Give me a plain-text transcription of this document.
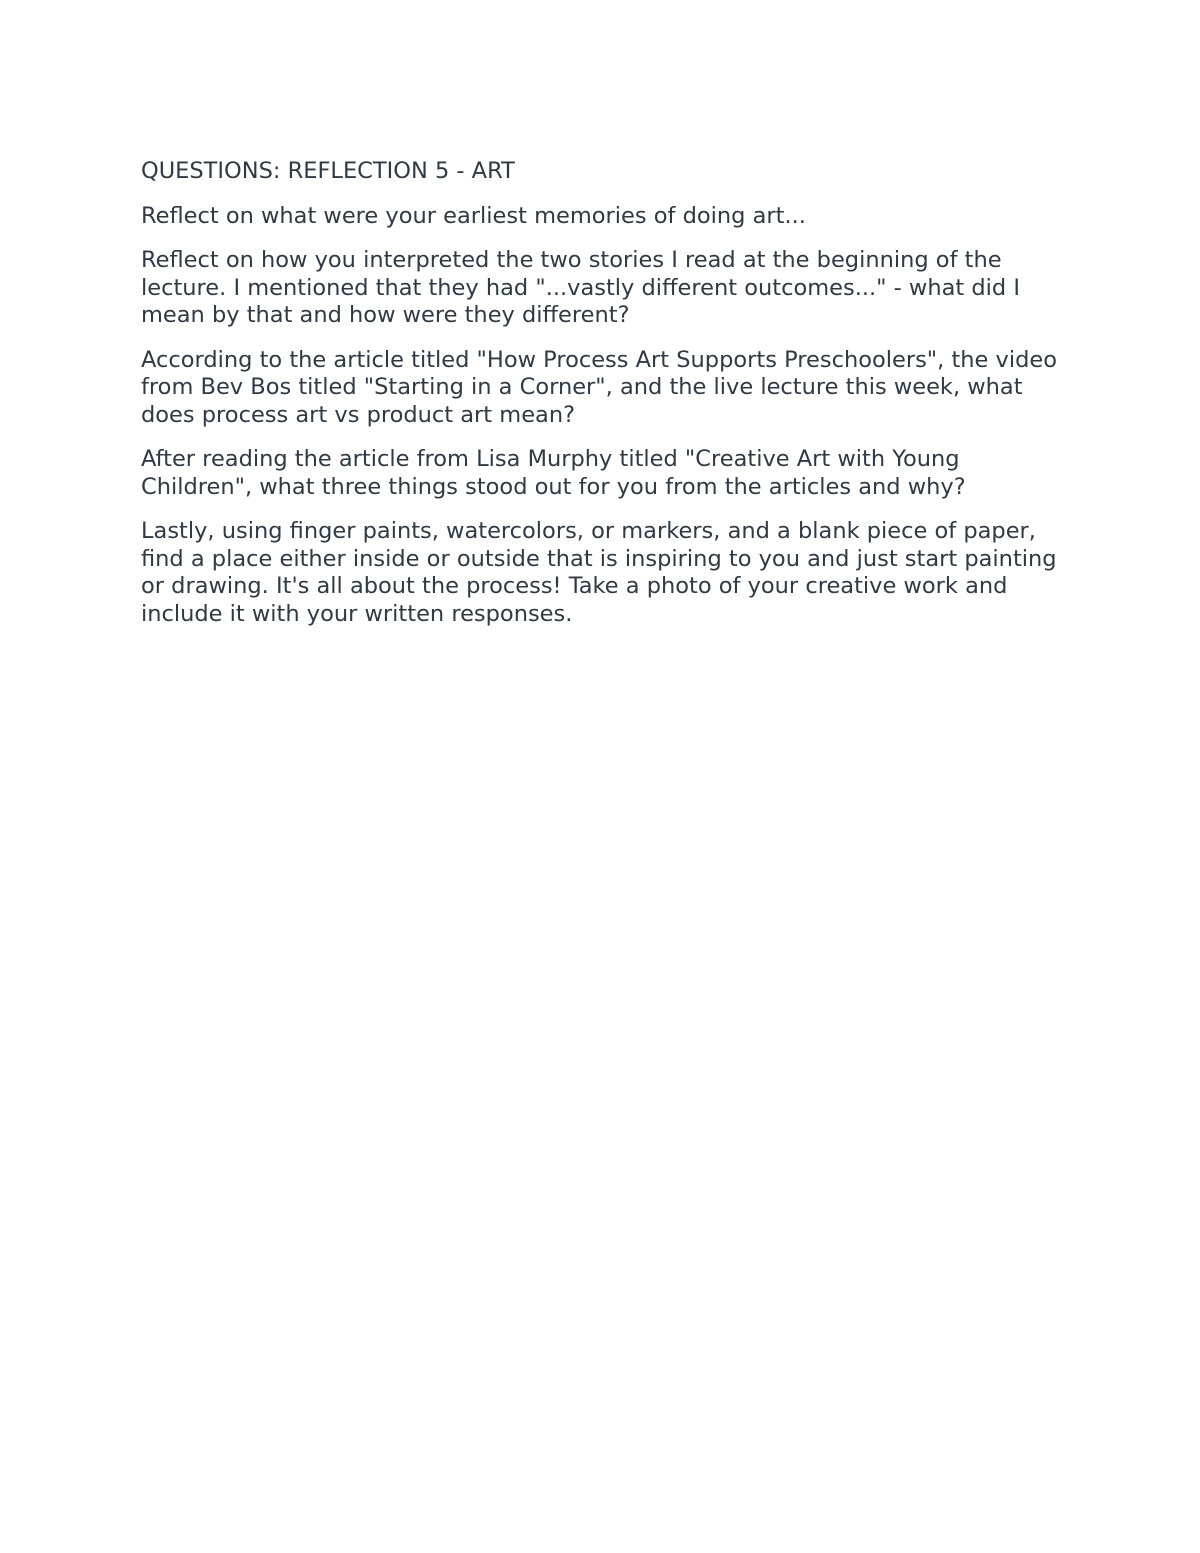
QUESTIONS: REFLECTION 5 - ART

Reflect on what were your earliest memories of doing art...

Reflect on how you interpreted the two stories I read at the beginning of the lecture. I mentioned that they had "...vastly different outcomes..." - what did I mean by that and how were they different?

According to the article titled "How Process Art Supports Preschoolers", the video from Bev Bos titled "Starting in a Corner", and the live lecture this week, what does process art vs product art mean?

After reading the article from Lisa Murphy titled "Creative Art with Young Children", what three things stood out for you from the articles and why?

Lastly, using finger paints, watercolors, or markers, and a blank piece of paper, find a place either inside or outside that is inspiring to you and just start painting or drawing. It's all about the process! Take a photo of your creative work and include it with your written responses.
